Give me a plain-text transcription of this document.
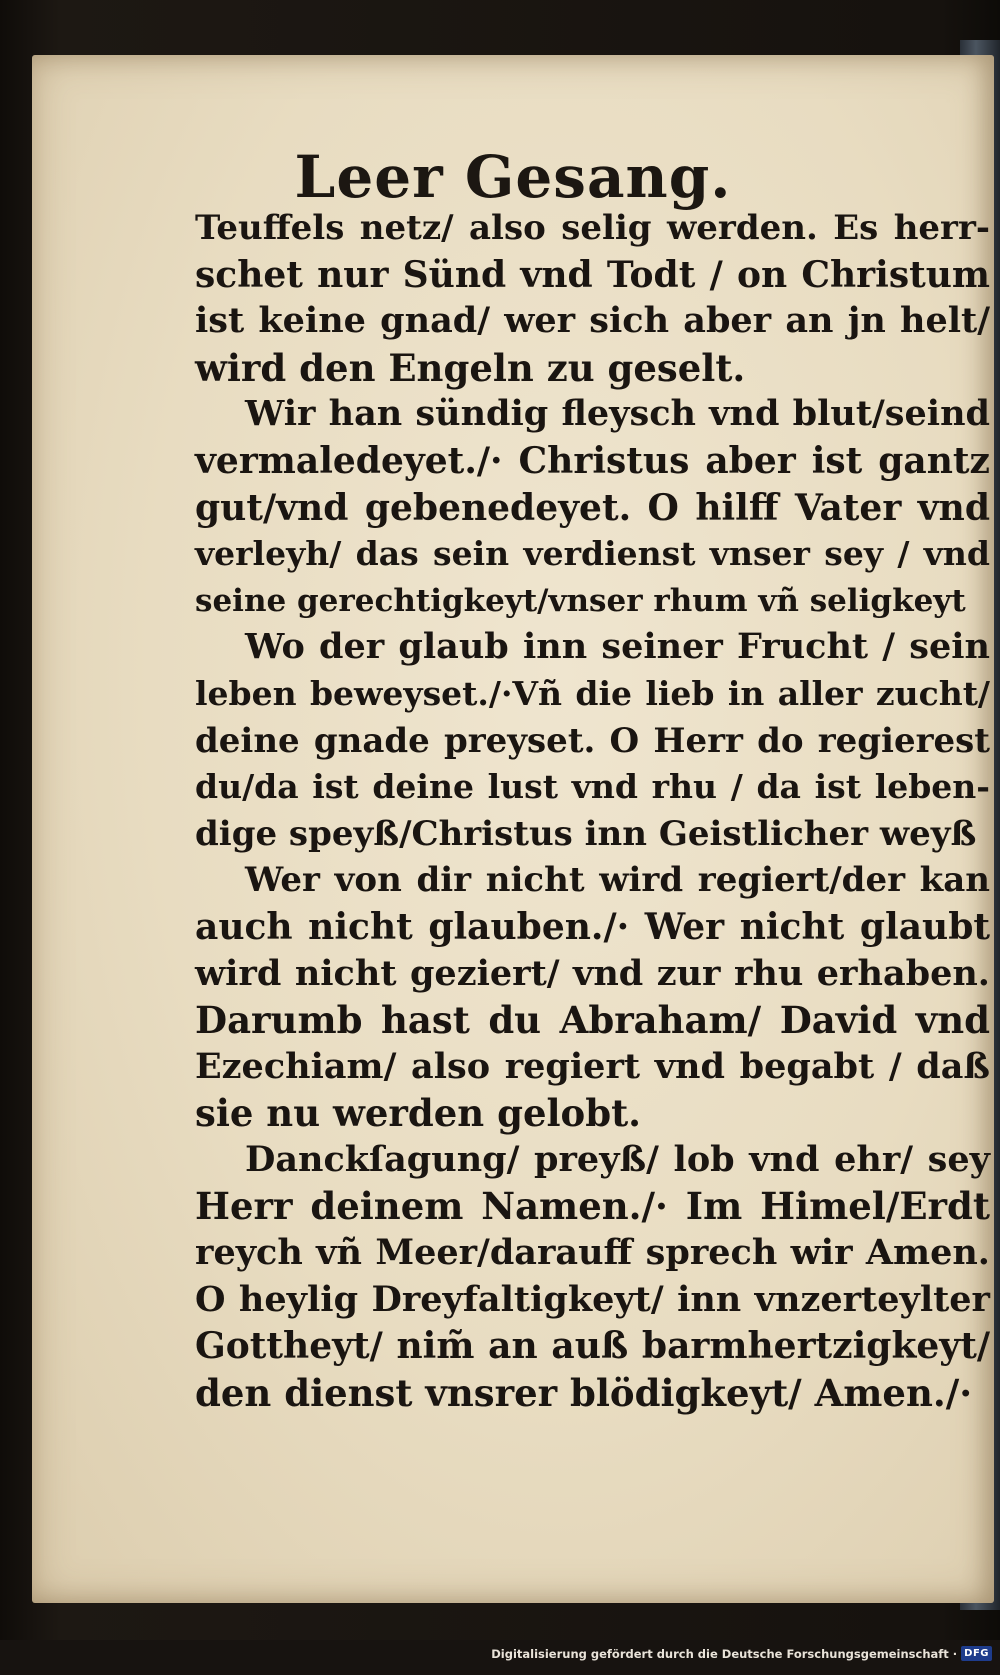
Leer Gesang.
Teuffels netz/ also selig werden. Es herr-
schet nur Sünd vnd Todt / on Christum
ist keine gnad/ wer sich aber an jn helt/
wird den Engeln zu geselt.
Wir han sündig fleysch vnd blut/seind
vermaledeyet./· Christus aber ist gantz
gut/vnd gebenedeyet. O hilff Vater vnd
verleyh/ das sein verdienst vnser sey / vnd
seine gerechtigkeyt/vnser rhum vñ seligkeyt
Wo der glaub inn seiner Frucht / sein
leben beweyset./·Vñ die lieb in aller zucht/
deine gnade preyset. O Herr do regierest
du/da ist deine lust vnd rhu / da ist leben-
dige speyß/Christus inn Geistlicher weyß
Wer von dir nicht wird regiert/der kan
auch nicht glauben./· Wer nicht glaubt
wird nicht geziert/ vnd zur rhu erhaben.
Darumb hast du Abraham/ David vnd
Ezechiam/ also regiert vnd begabt / daß
sie nu werden gelobt.
Danckſagung/ preyß/ lob vnd ehr/ sey
Herr deinem Namen./· Im Himel/Erdt
reych vñ Meer/darauff sprech wir Amen.
O heylig Dreyfaltigkeyt/ inn vnzerteylter
Gottheyt/ nim̃ an auß barmhertzigkeyt/
den dienst vnsrer blödigkeyt/ Amen./·
Digitalisierung gefördert durch die Deutsche Forschungsgemeinschaft · DFG
